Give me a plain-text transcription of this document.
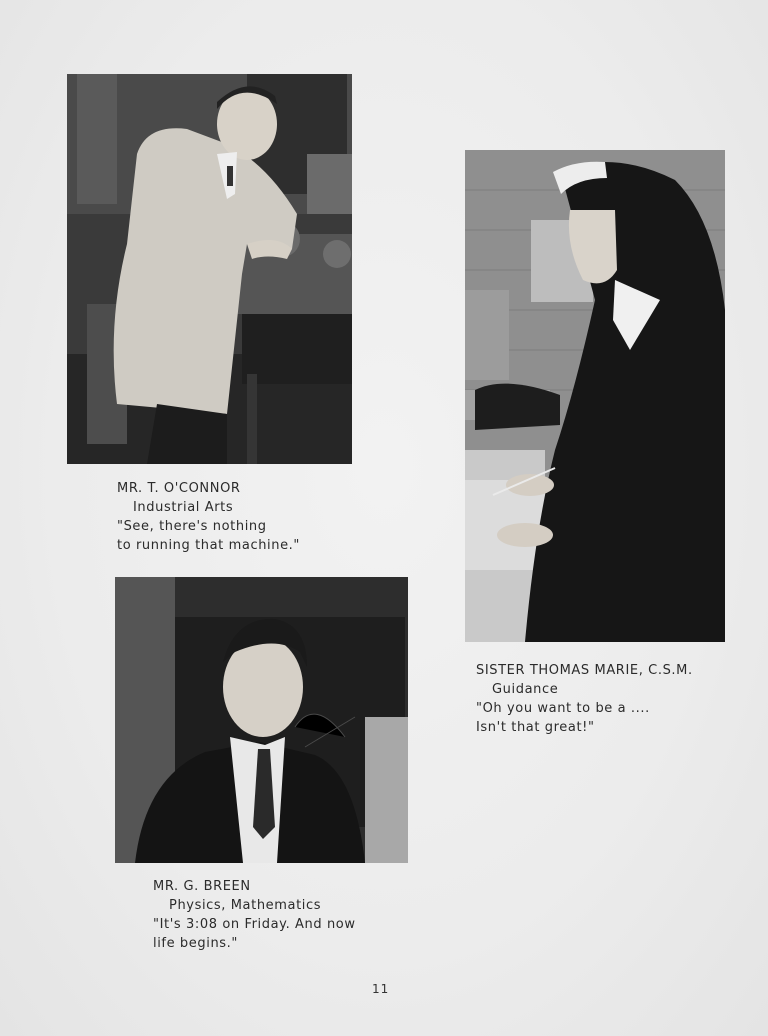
MR. T. O'CONNOR
Industrial Arts
"See, there's nothing
to running that machine."
SISTER THOMAS MARIE, C.S.M.
Guidance
"Oh you want to be a ....
Isn't that great!"
MR. G. BREEN
Physics, Mathematics
"It's 3:08 on Friday. And now
life begins."
11
